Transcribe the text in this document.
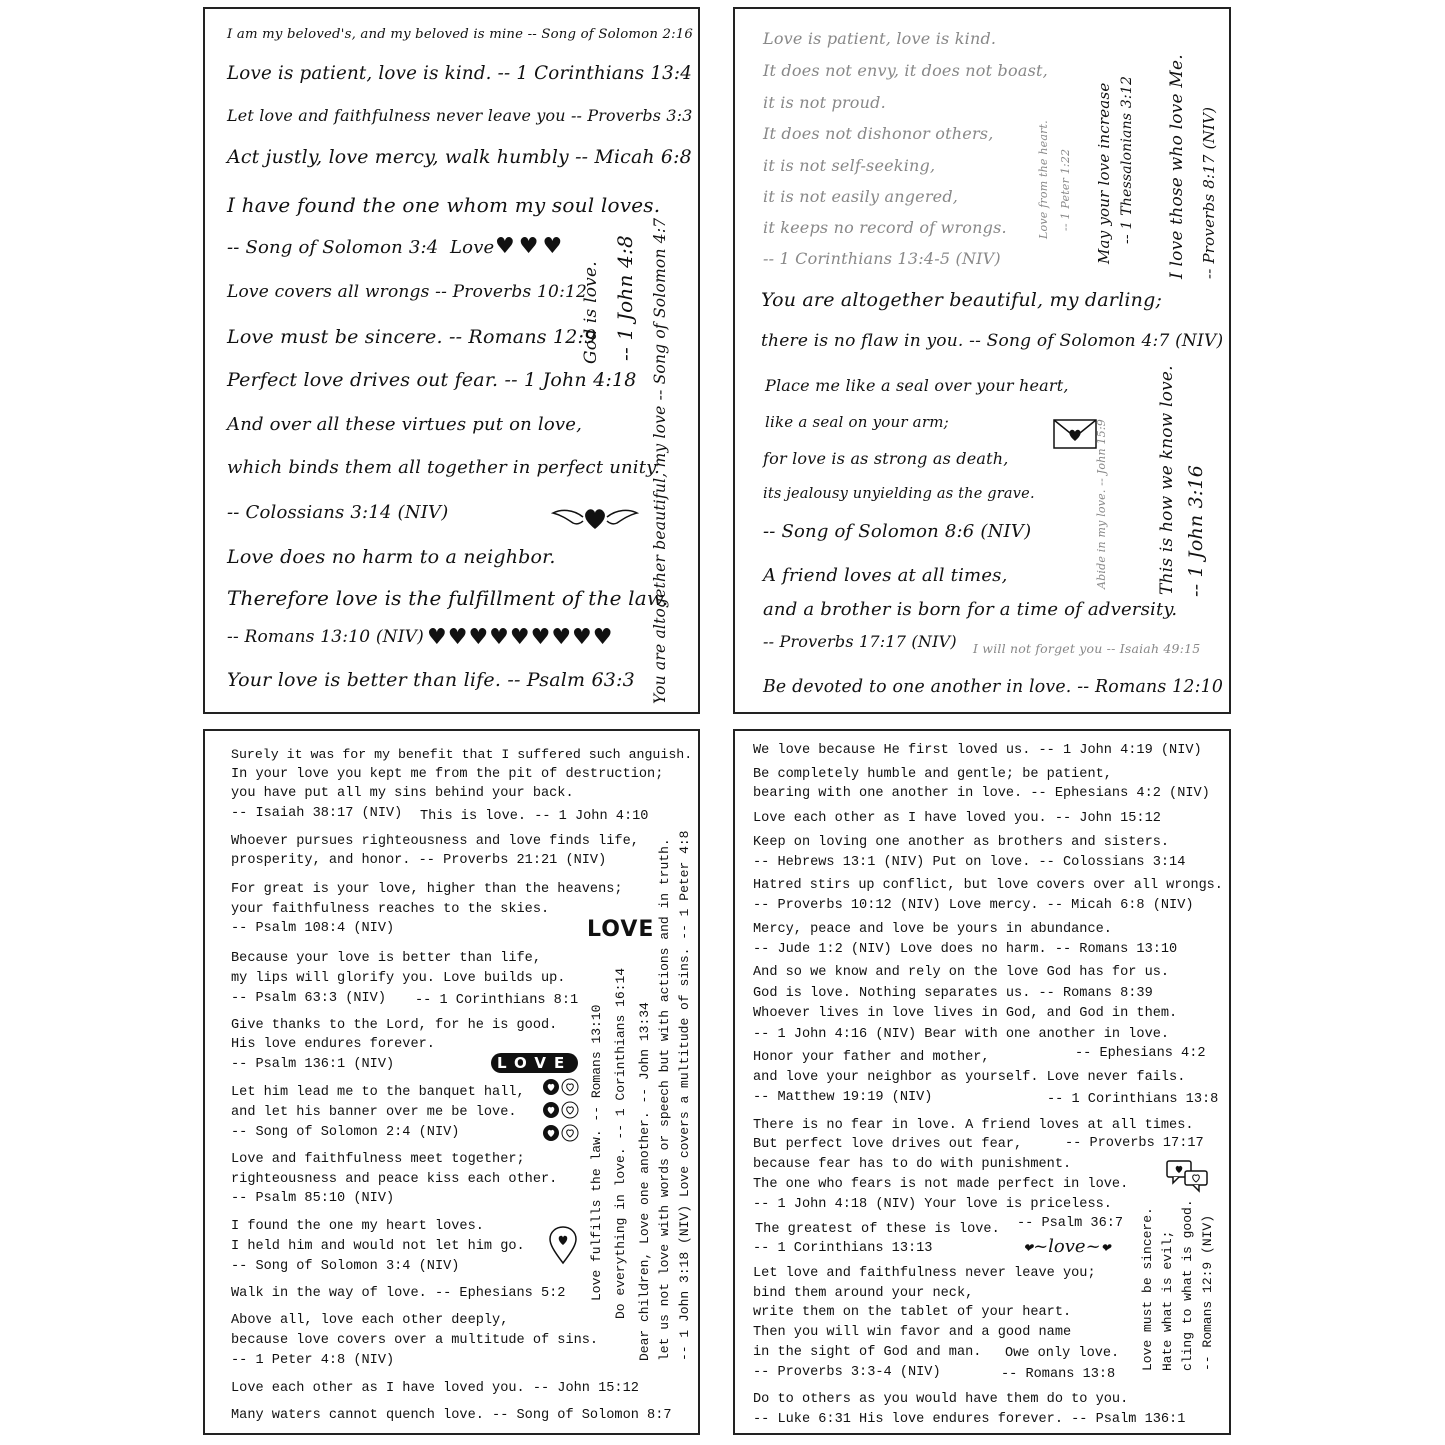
I am my beloved's, and my beloved is mine -- Song of Solomon 2:16
Love is patient, love is kind. -- 1 Corinthians 13:4
Let love and faithfulness never leave you -- Proverbs 3:3
Act justly, love mercy, walk humbly -- Micah 6:8
I have found the one whom my soul loves.
-- Song of Solomon 3:4 Love ♥♥♥
Love covers all wrongs -- Proverbs 10:12
Love must be sincere. -- Romans 12:9
Perfect love drives out fear. -- 1 John 4:18
And over all these virtues put on love,
which binds them all together in perfect unity.
-- Colossians 3:14 (NIV)
Love does no harm to a neighbor.
Therefore love is the fulfillment of the law.
-- Romans 13:10 (NIV) ♥♥♥♥♥♥♥♥♥
Your love is better than life. -- Psalm 63:3
God is love. -- 1 John 4:8 You are altogether beautiful, my love -- Song of Solomon 4:7
Love is patient, love is kind.
It does not envy, it does not boast,
it is not proud.
It does not dishonor others,
it is not self-seeking,
it is not easily angered,
it keeps no record of wrongs.
-- 1 Corinthians 13:4-5 (NIV)
Love from the heart. -- 1 Peter 1:22 May your love increase -- 1 Thessalonians 3:12 I love those who love Me. -- Proverbs 8:17 (NIV)
You are altogether beautiful, my darling;
there is no flaw in you. -- Song of Solomon 4:7 (NIV)
Place me like a seal over your heart,
like a seal on your arm;
for love is as strong as death,
its jealousy unyielding as the grave.
-- Song of Solomon 8:6 (NIV)	Abide in my love. -- John 15:9	This is how we know love. -- 1 John 3:16
A friend loves at all times,
and a brother is born for a time of adversity.
-- Proverbs 17:17 (NIV) I will not forget you -- Isaiah 49:15
Be devoted to one another in love. -- Romans 12:10
Surely it was for my benefit that I suffered such anguish.
In your love you kept me from the pit of destruction;
you have put all my sins behind your back.
-- Isaiah 38:17 (NIV) This is love. -- 1 John 4:10
Whoever pursues righteousness and love finds life,
prosperity, and honor. -- Proverbs 21:21 (NIV)
For great is your love, higher than the heavens;
your faithfulness reaches to the skies.
-- Psalm 108:4 (NIV)	LOVE
Because your love is better than life,
my lips will glorify you. Love builds up.
-- Psalm 63:3 (NIV) -- 1 Corinthians 8:1
Give thanks to the Lord, for he is good.
His love endures forever.
-- Psalm 136:1 (NIV)	LOVE
Let him lead me to the banquet hall,
and let his banner over me be love.
-- Song of Solomon 2:4 (NIV)
Love and faithfulness meet together;
righteousness and peace kiss each other.
-- Psalm 85:10 (NIV)
I found the one my heart loves.
I held him and would not let him go.
-- Song of Solomon 3:4 (NIV)
Walk in the way of love. -- Ephesians 5:2
Above all, love each other deeply,
because love covers over a multitude of sins.
-- 1 Peter 4:8 (NIV)
Love each other as I have loved you. -- John 15:12
Many waters cannot quench love. -- Song of Solomon 8:7
Love fulfills the law. -- Romans 13:10 Do everything in love. -- 1 Corinthians 16:14 Dear children, Love one another. -- John 13:34 let us not love with words or speech but with actions and in truth. -- 1 John 3:18 (NIV) Love covers a multitude of sins. -- 1 Peter 4:8
We love because He first loved us. -- 1 John 4:19 (NIV)
Be completely humble and gentle; be patient,
bearing with one another in love. -- Ephesians 4:2 (NIV)
Love each other as I have loved you. -- John 15:12
Keep on loving one another as brothers and sisters.
-- Hebrews 13:1 (NIV) Put on love. -- Colossians 3:14
Hatred stirs up conflict, but love covers over all wrongs.
-- Proverbs 10:12 (NIV) Love mercy. -- Micah 6:8 (NIV)
Mercy, peace and love be yours in abundance.
-- Jude 1:2 (NIV) Love does no harm. -- Romans 13:10
And so we know and rely on the love God has for us.
God is love. Nothing separates us. -- Romans 8:39
Whoever lives in love lives in God, and God in them.
-- 1 John 4:16 (NIV) Bear with one another in love.
Honor your father and mother,	-- Ephesians 4:2
and love your neighbor as yourself. Love never fails.
-- Matthew 19:19 (NIV)	-- 1 Corinthians 13:8
There is no fear in love. A friend loves at all times.
But perfect love drives out fear,	-- Proverbs 17:17
because fear has to do with punishment.
The one who fears is not made perfect in love.
-- 1 John 4:18 (NIV) Your love is priceless.
The greatest of these is love. -- Psalm 36:7
-- 1 Corinthians 13:13	❤~love~❤
Let love and faithfulness never leave you;
bind them around your neck,
write them on the tablet of your heart.
Then you will win favor and a good name
in the sight of God and man. Owe only love.
-- Proverbs 3:3-4 (NIV)	-- Romans 13:8
Do to others as you would have them do to you.
-- Luke 6:31 His love endures forever. -- Psalm 136:1
Love must be sincere. Hate what is evil; cling to what is good. -- Romans 12:9 (NIV)
